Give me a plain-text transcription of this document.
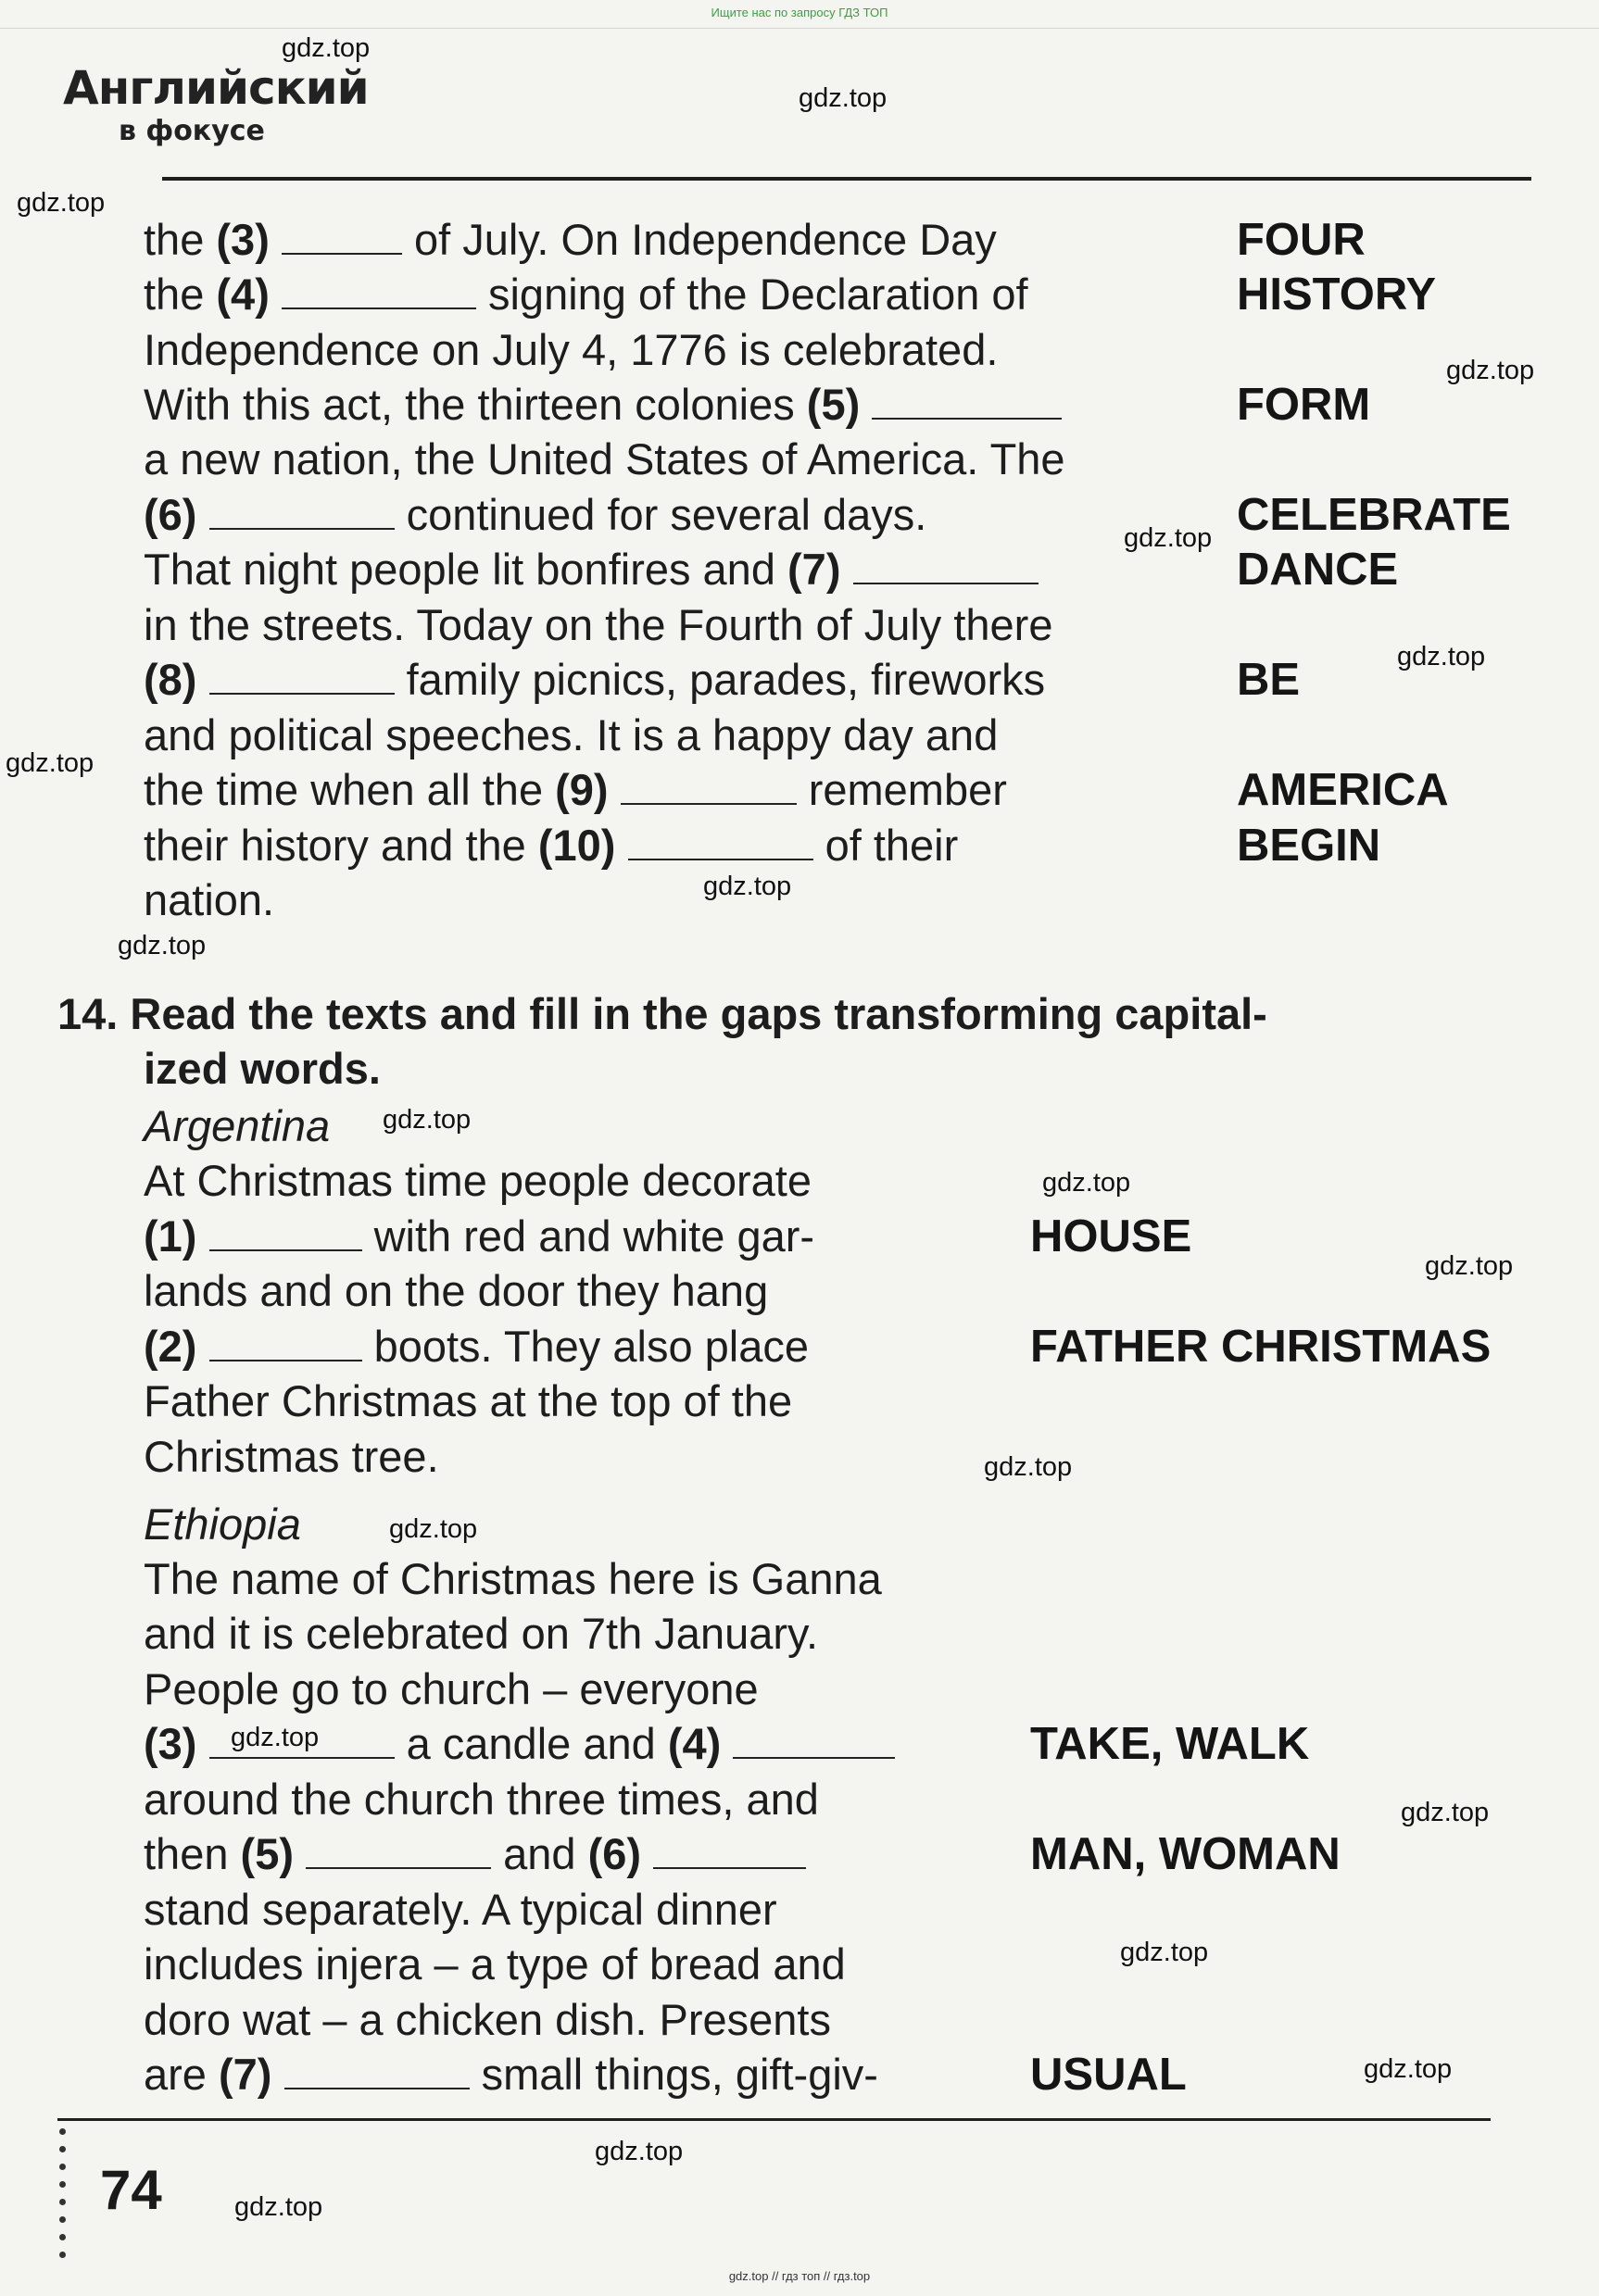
Ищите нас по запросу ГДЗ ТОП
Английский
в фокусе
the (3)	of July. On Independence Day
the (4)	signing of the Declaration of
Independence on July 4, 1776 is celebrated.
With this act, the thirteen colonies (5)
a new nation, the United States of America. The
(6)	continued for several days.
That night people lit bonfires and (7)
in the streets. Today on the Fourth of July there
(8)	family picnics, parades, fireworks
and political speeches. It is a happy day and
the time when all the (9)	remember
their history and the (10)	of their
nation.
FOUR
HISTORY
FORM
CELEBRATE
DANCE
BE
AMERICA
BEGIN
14. Read the texts and fill in the gaps transforming capital-
ized words.
Argentina
At Christmas time people decorate
(1)	with red and white gar-
lands and on the door they hang
(2)	boots. They also place
Father Christmas at the top of the
Christmas tree.
HOUSE
FATHER CHRISTMAS
Ethiopia
The name of Christmas here is Ganna
and it is celebrated on 7th January.
People go to church – everyone
(3)	a candle and (4)
around the church three times, and
then (5)	and (6)
stand separately. A typical dinner
includes injera – a type of bread and
doro wat – a chicken dish. Presents
are (7)	small things, gift-giv-
TAKE, WALK
MAN, WOMAN
USUAL
74
gdz.top // гдз топ // гдз.top
gdz.top
gdz.top
gdz.top
gdz.top
gdz.top
gdz.top
gdz.top
gdz.top
gdz.top
gdz.top
gdz.top
gdz.top
gdz.top
gdz.top
gdz.top
gdz.top
gdz.top
gdz.top
gdz.top
gdz.top
